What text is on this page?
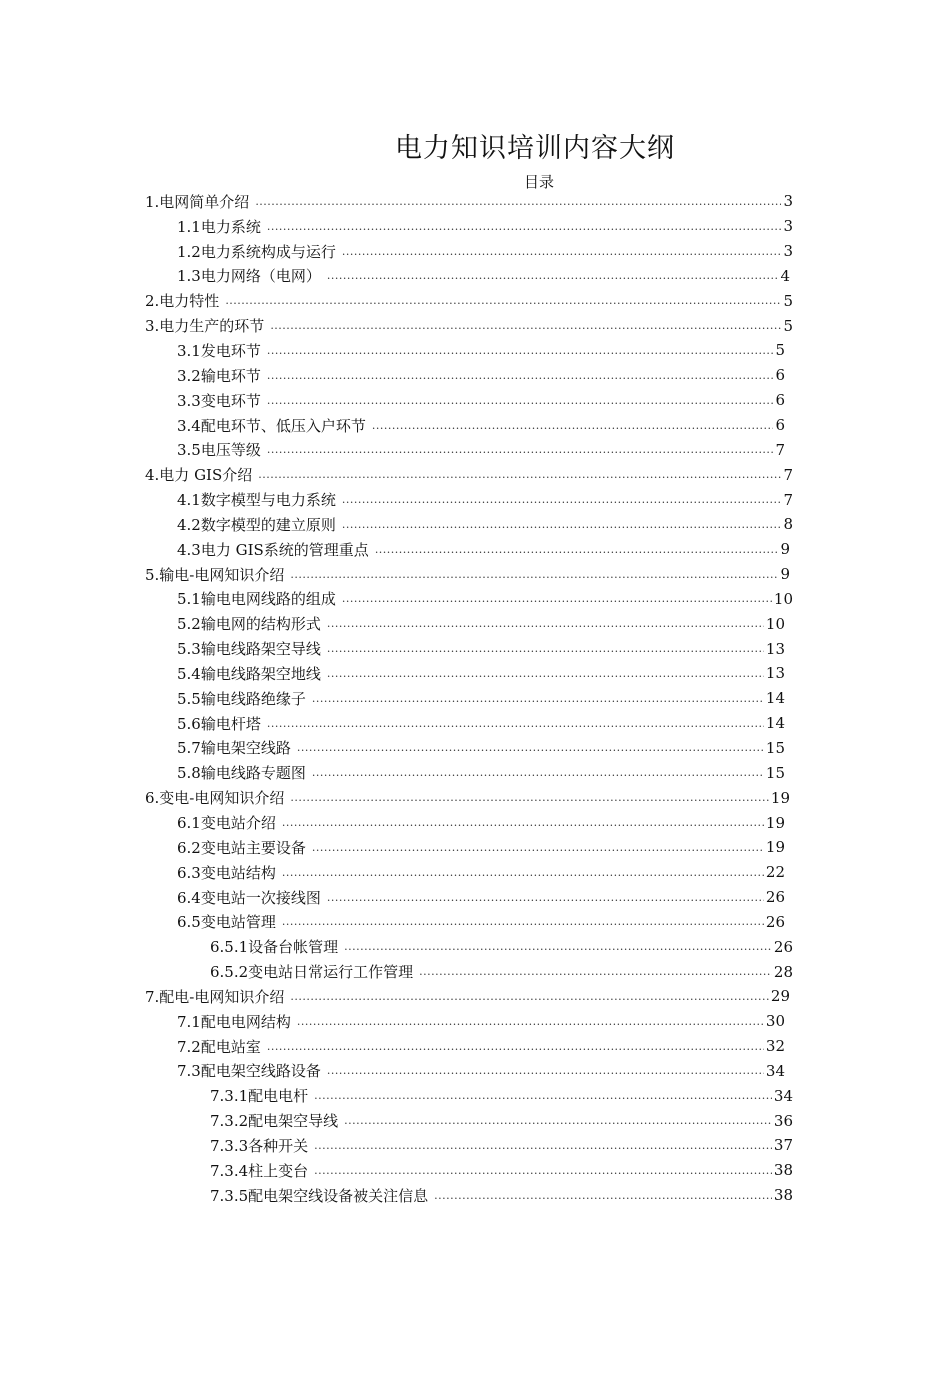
电力知识培训内容大纲
目录
1.电网简单介绍 .....	3
1.1电力系统 .....	3
1.2电力系统构成与运行 .....	3
1.3电力网络（电网） .....	4
2.电力特性 .....	5
3.电力生产的环节 .....	5
3.1发电环节 .....	5
3.2输电环节 .....	6
3.3变电环节 .....	6
3.4配电环节、低压入户环节 .....	6
3.5电压等级 .....	7
4.电力 GIS介绍 .....	7
4.1数字模型与电力系统 .....	7
4.2数字模型的建立原则 .....	8
4.3电力 GIS系统的管理重点 .....	9
5.输电-电网知识介绍 .....	9
5.1输电电网线路的组成 .....	10
5.2输电网的结构形式 .....	10
5.3输电线路架空导线 .....	13
5.4输电线路架空地线 .....	13
5.5输电线路绝缘子 .....	14
5.6输电杆塔 .....	14
5.7输电架空线路 .....	15
5.8输电线路专题图 .....	15
6.变电-电网知识介绍 .....	19
6.1变电站介绍 .....	19
6.2变电站主要设备 .....	19
6.3变电站结构 .....	22
6.4变电站一次接线图 .....	26
6.5变电站管理 .....	26
6.5.1设备台帐管理 .....	26
6.5.2变电站日常运行工作管理 .....	28
7.配电-电网知识介绍 .....	29
7.1配电电网结构 .....	30
7.2配电站室 .....	32
7.3配电架空线路设备 .....	34
7.3.1配电电杆 .....	34
7.3.2配电架空导线 .....	36
7.3.3各种开关 .....	37
7.3.4柱上变台 .....	38
7.3.5配电架空线设备被关注信息 .....	38
